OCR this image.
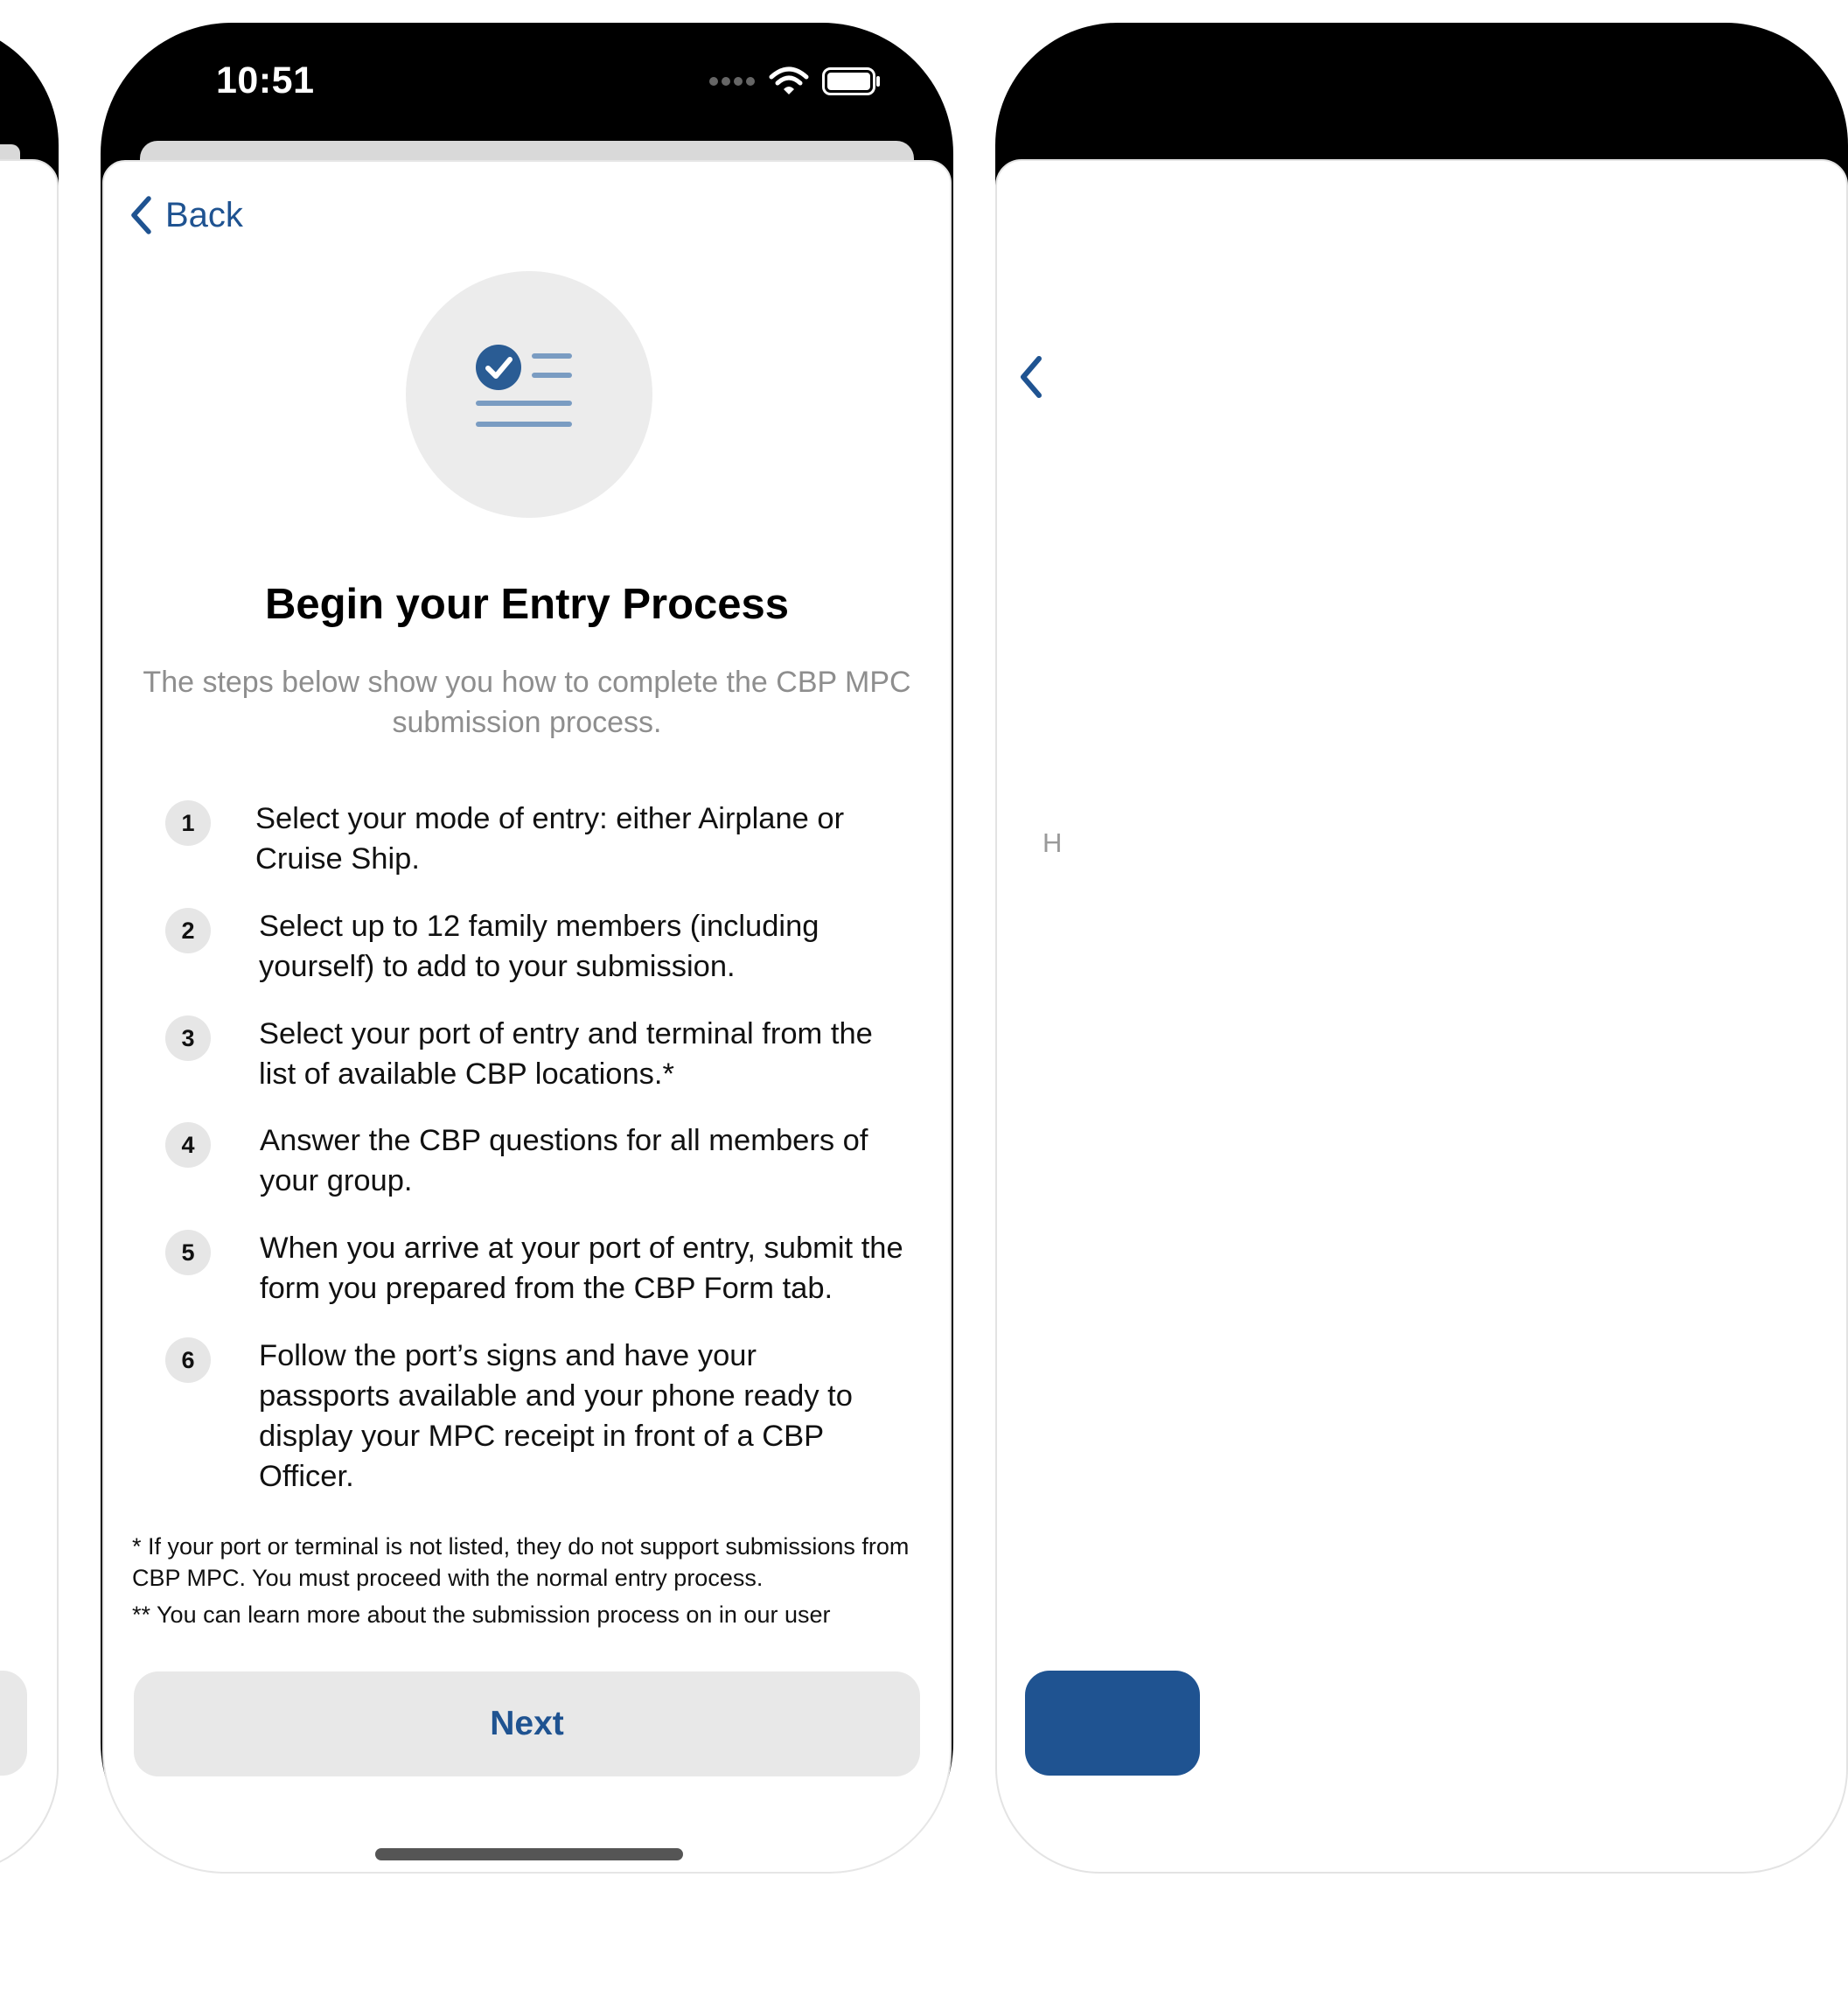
H
10:51
Back
Begin your Entry Process
The steps below show you how to complete the CBP MPC submission process.
1	Select your mode of entry: either Airplane or Cruise Ship.
2	Select up to 12 family members (including yourself) to add to your submission.
3	Select your port of entry and terminal from the list of available CBP locations.*
4	Answer the CBP questions for all members of your group.
5	When you arrive at your port of entry, submit the form you prepared from the CBP Form tab.
6	Follow the port’s signs and have your passports available and your phone ready to display your MPC receipt in front of a CBP Officer.
* If your port or terminal is not listed, they do not support submissions from CBP MPC. You must proceed with the normal entry process.
** You can learn more about the submission process on in our user
Next
